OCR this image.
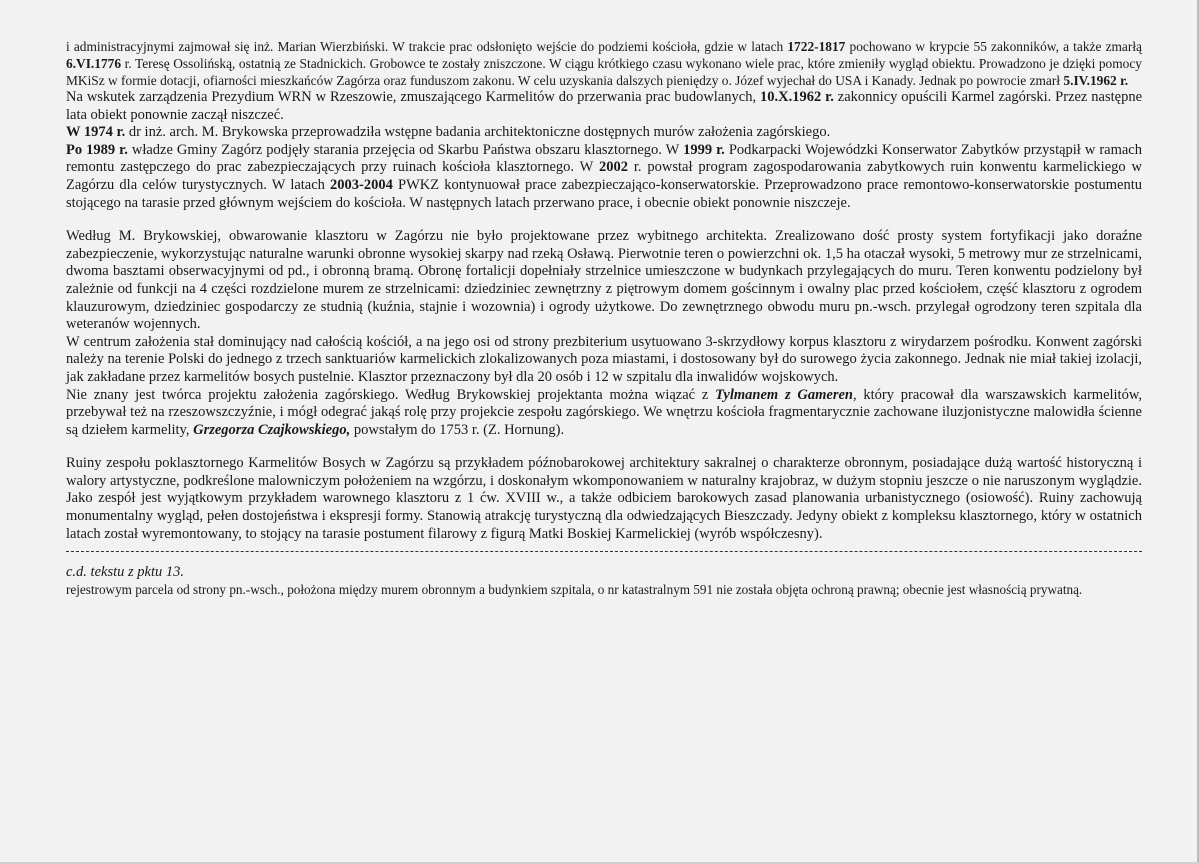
i administracyjnymi zajmował się inż. Marian Wierzbiński. W trakcie prac odsłonięto wejście do podziemi kościoła, gdzie w latach 1722-1817 pochowano w krypcie 55 zakonników, a także zmarłą 6.VI.1776 r. Teresę Ossolińską, ostatnią ze Stadnickich. Grobowce te zostały zniszczone. W ciągu krótkiego czasu wykonano wiele prac, które zmieniły wygląd obiektu. Prowadzono je dzięki pomocy MKiSz w formie dotacji, ofiarności mieszkańców Zagórza oraz funduszom zakonu. W celu uzyskania dalszych pieniędzy o. Józef wyjechał do USA i Kanady. Jednak po powrocie zmarł 5.IV.1962 r.

Na wskutek zarządzenia Prezydium WRN w Rzeszowie, zmuszającego Karmelitów do przerwania prac budowlanych, 10.X.1962 r. zakonnicy opuścili Karmel zagórski. Przez następne lata obiekt ponownie zaczął niszczeć.

W 1974 r. dr inż. arch. M. Brykowska przeprowadziła wstępne badania architektoniczne dostępnych murów założenia zagórskiego.

Po 1989 r. władze Gminy Zagórz podjęły starania przejęcia od Skarbu Państwa obszaru klasztornego. W 1999 r. Podkarpacki Wojewódzki Konserwator Zabytków przystąpił w ramach remontu zastępczego do prac zabezpieczających przy ruinach kościoła klasztornego. W 2002 r. powstał program zagospodarowania zabytkowych ruin konwentu karmelickiego w Zagórzu dla celów turystycznych. W latach 2003-2004 PWKZ kontynuował prace zabezpieczająco-konserwatorskie. Przeprowadzono prace remontowo-konserwatorskie postumentu stojącego na tarasie przed głównym wejściem do kościoła. W następnych latach przerwano prace, i obecnie obiekt ponownie niszczeje.

Według M. Brykowskiej, obwarowanie klasztoru w Zagórzu nie było projektowane przez wybitnego architekta. Zrealizowano dość prosty system fortyfikacji jako doraźne zabezpieczenie, wykorzystując naturalne warunki obronne wysokiej skarpy nad rzeką Osławą. Pierwotnie teren o powierzchni ok. 1,5 ha otaczał wysoki, 5 metrowy mur ze strzelnicami, dwoma basztami obserwacyjnymi od pd., i obronną bramą. Obronę fortalicji dopełniały strzelnice umieszczone w budynkach przylegających do muru. Teren konwentu podzielony był zależnie od funkcji na 4 części rozdzielone murem ze strzelnicami: dziedziniec zewnętrzny z piętrowym domem gościnnym i owalny plac przed kościołem, część klasztoru z ogrodem klauzurowym, dziedziniec gospodarczy ze studnią (kuźnia, stajnie i wozownia) i ogrody użytkowe. Do zewnętrznego obwodu muru pn.-wsch. przylegał ogrodzony teren szpitala dla weteranów wojennych.

W centrum założenia stał dominujący nad całością kościół, a na jego osi od strony prezbiterium usytuowano 3-skrzydłowy korpus klasztoru z wirydarzem pośrodku. Konwent zagórski należy na terenie Polski do jednego z trzech sanktuariów karmelickich zlokalizowanych poza miastami, i dostosowany był do surowego życia zakonnego. Jednak nie miał takiej izolacji, jak zakładane przez karmelitów bosych pustelnie. Klasztor przeznaczony był dla 20 osób i 12 w szpitalu dla inwalidów wojskowych.

Nie znany jest twórca projektu założenia zagórskiego. Według Brykowskiej projektanta można wiązać z Tylmanem z Gameren, który pracował dla warszawskich karmelitów, przebywał też na rzeszowszczyźnie, i mógł odegrać jakąś rolę przy projekcie zespołu zagórskiego. We wnętrzu kościoła fragmentarycznie zachowane iluzjonistyczne malowidła ścienne są dziełem karmelity, Grzegorza Czajkowskiego, powstałym do 1753 r. (Z. Hornung).

Ruiny zespołu poklasztornego Karmelitów Bosych w Zagórzu są przykładem późnobarokowej architektury sakralnej o charakterze obronnym, posiadające dużą wartość historyczną i walory artystyczne, podkreślone malowniczym położeniem na wzgórzu, i doskonałym wkomponowaniem w naturalny krajobraz, w dużym stopniu jeszcze o nie naruszonym wyglądzie. Jako zespół jest wyjątkowym przykładem warownego klasztoru z 1 ćw. XVIII w., a także odbiciem barokowych zasad planowania urbanistycznego (osiowość). Ruiny zachowują monumentalny wygląd, pełen dostojeństwa i ekspresji formy. Stanowią atrakcję turystyczną dla odwiedzających Bieszczady. Jedyny obiekt z kompleksu klasztornego, który w ostatnich latach został wyremontowany, to stojący na tarasie postument filarowy z figurą Matki Boskiej Karmelickiej (wyrób współczesny).

c.d. tekstu z pktu 13.

rejestrowym parcela od strony pn.-wsch., położona między murem obronnym a budynkiem szpitala, o nr katastralnym 591 nie została objęta ochroną prawną; obecnie jest własnością prywatną.
